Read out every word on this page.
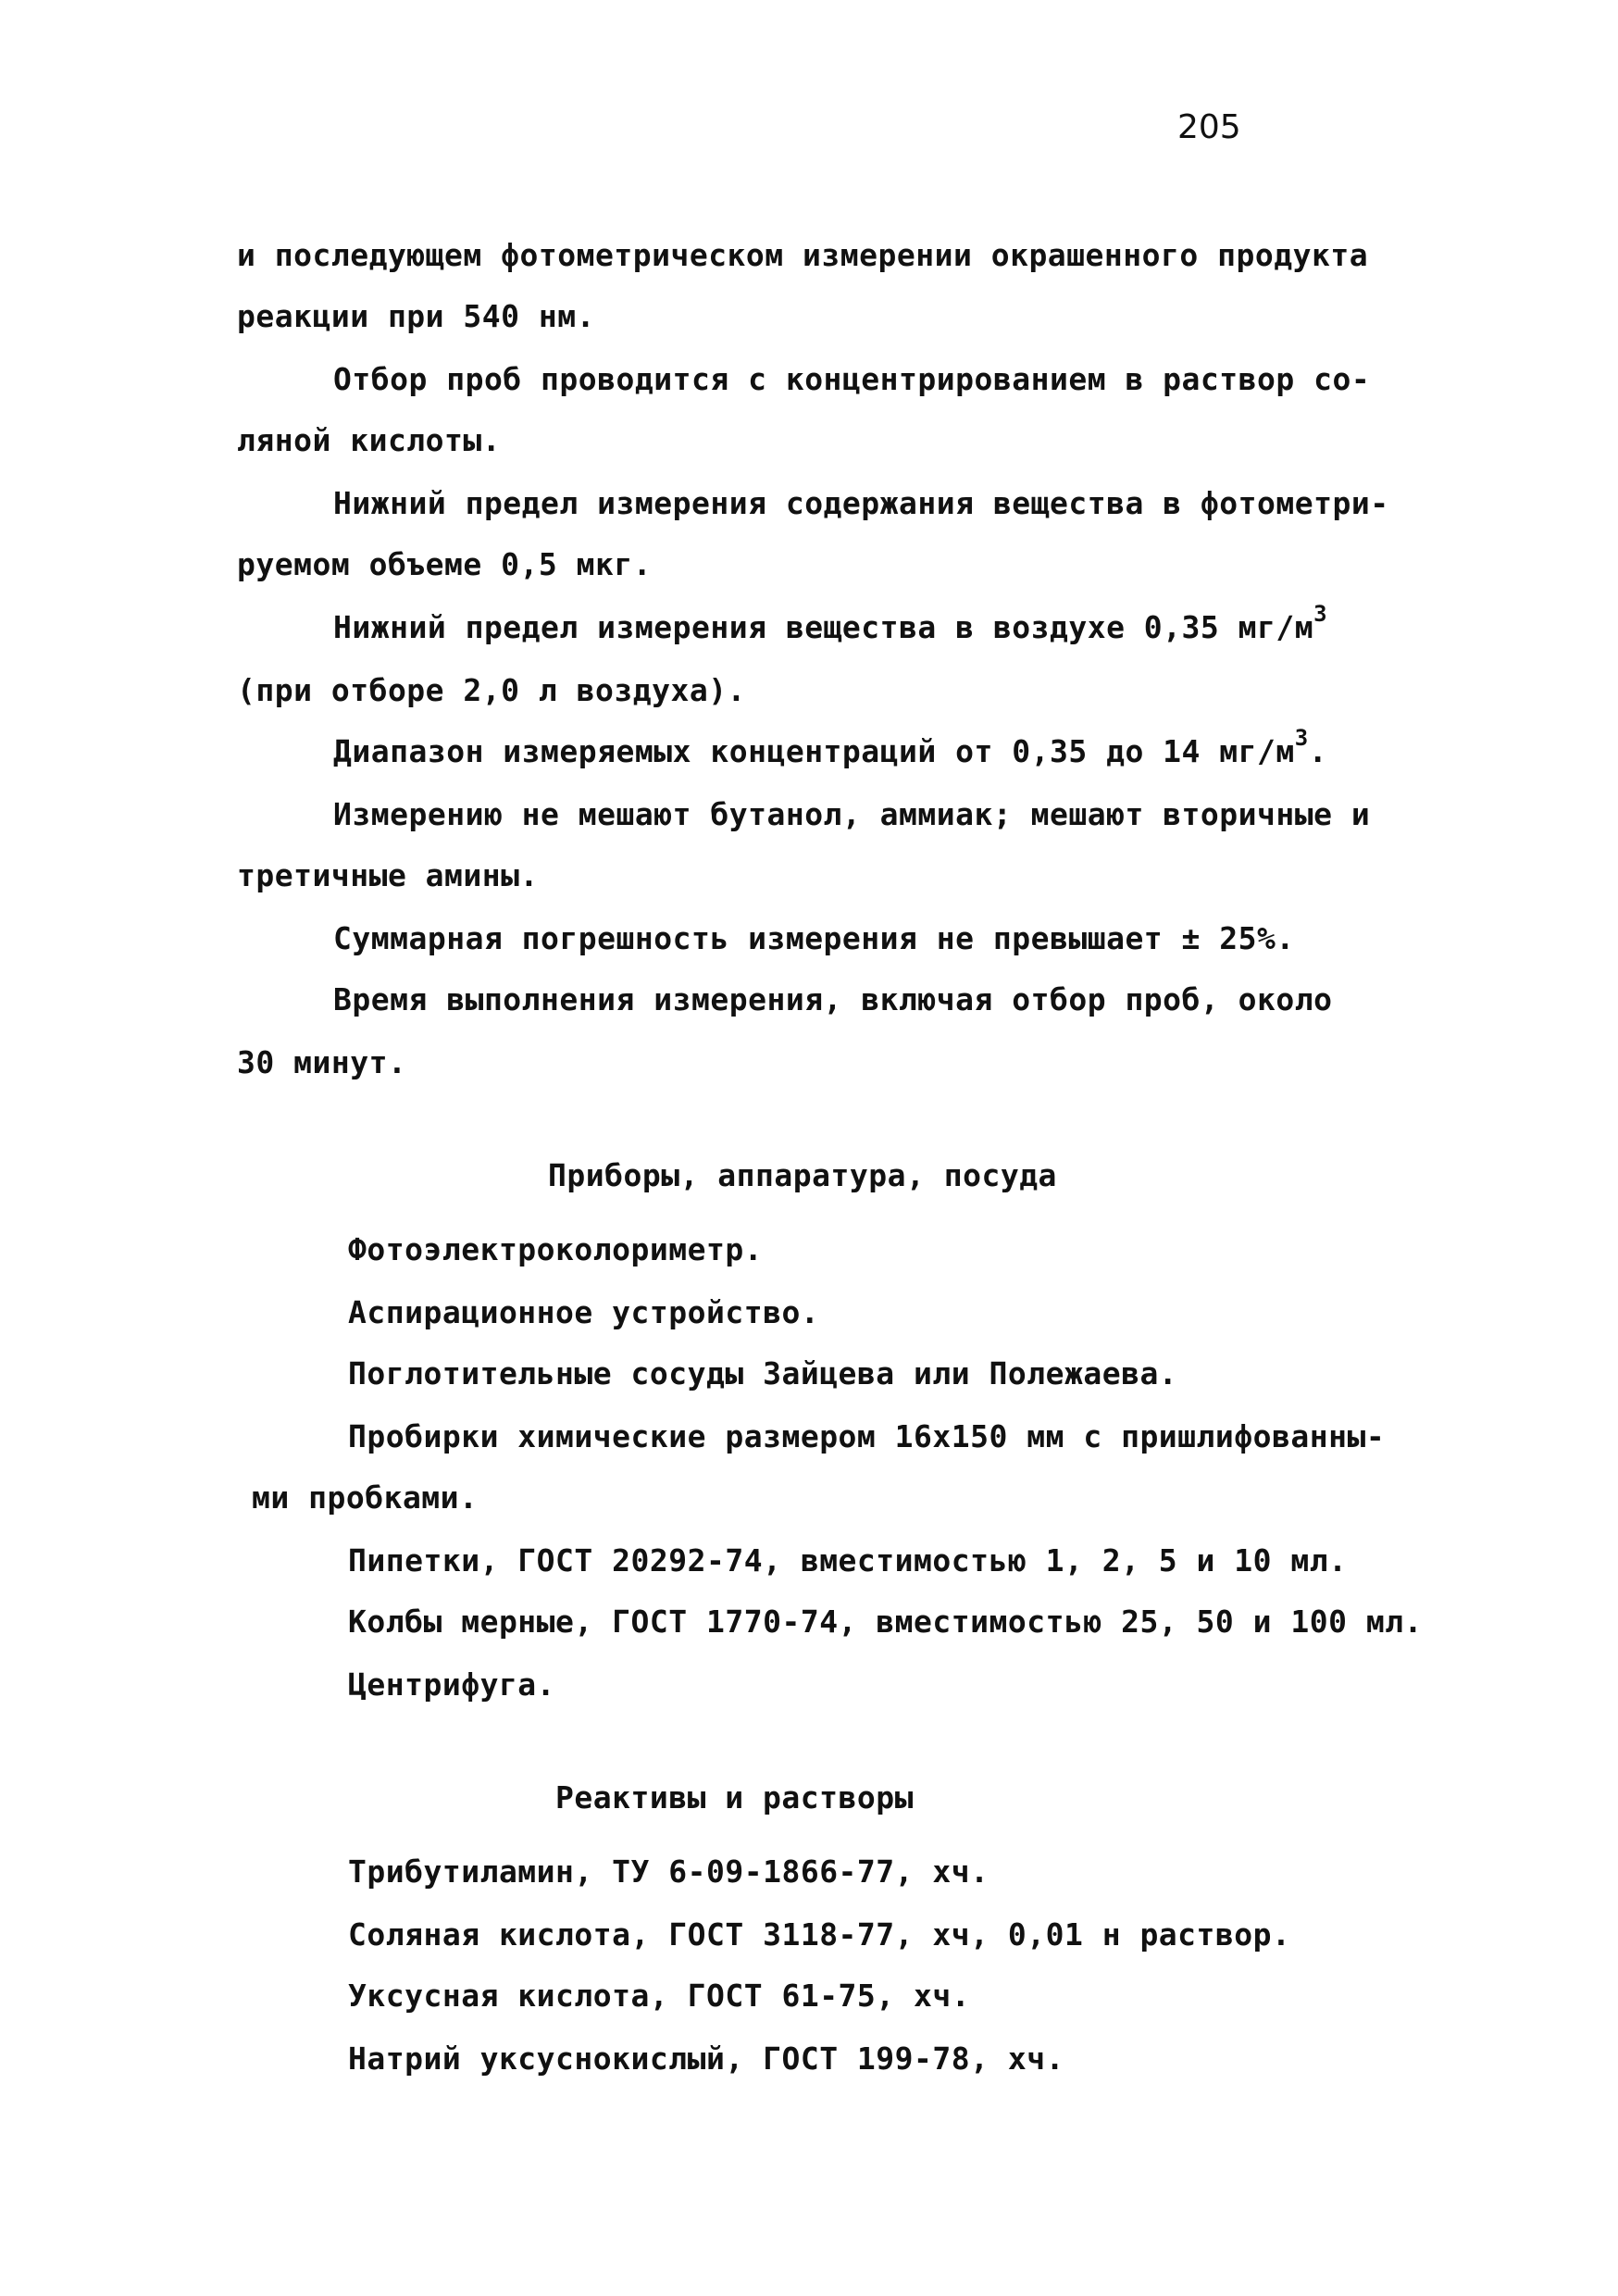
205
и последующем фотометрическом измерении окрашенного продукта
реакции при 540 нм.
Отбор проб проводится с концентрированием в раствор со-
ляной кислоты.
Нижний предел измерения содержания вещества в фотометри-
руемом объеме 0,5 мкг.
Нижний предел измерения вещества в воздухе 0,35 $мг/м^3$
(при отборе 2,0 л воздуха).
Диапазон измеряемых концентраций от 0,35 до 14 $мг/м^3$.
Измерению не мешают бутанол, аммиак; мешают вторичные и
третичные амины.
Суммарная погрешность измерения не превышает ± 25%.
Время выполнения измерения, включая отбор проб, около
30 минут.
Приборы, аппаратура, посуда
Фотоэлектроколориметр.
Аспирационное устройство.
Поглотительные сосуды Зайцева или Полежаева.
Пробирки химические размером 16х150 мм с пришлифованны-
ми пробками.
Пипетки, ГОСТ 20292-74, вместимостью 1, 2, 5 и 10 мл.
Колбы мерные, ГОСТ 1770-74, вместимостью 25, 50 и 100 мл.
Центрифуга.
Реактивы и растворы
Трибутиламин, ТУ 6-09-1866-77, хч.
Соляная кислота, ГОСТ 3118-77, хч, 0,01 н раствор.
Уксусная кислота, ГОСТ 61-75, хч.
Натрий уксуснокислый, ГОСТ 199-78, хч.
